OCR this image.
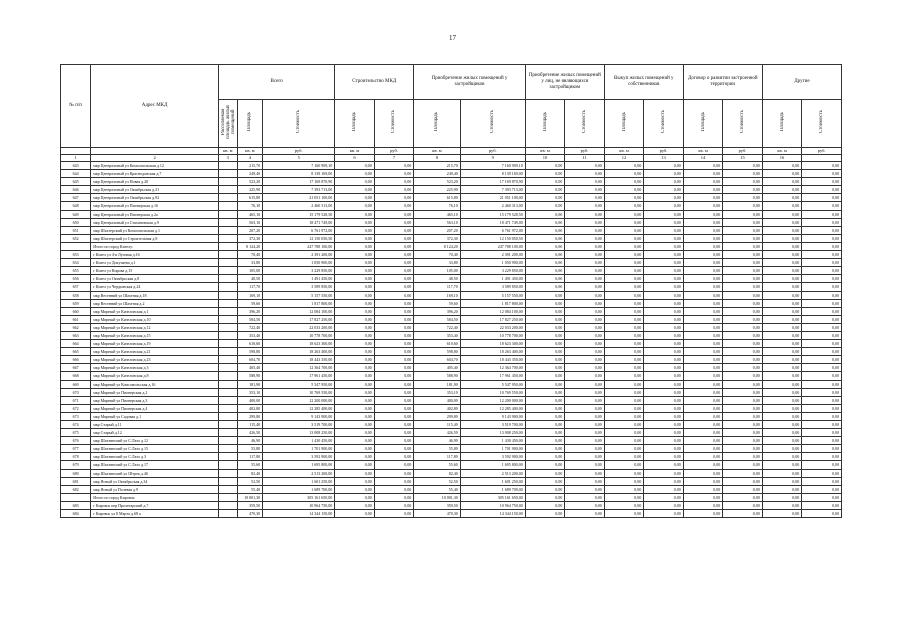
17
№ п/п	Адрес МКД	Всего			Строительство МКД		Приобретение жилых помещений у застройщиков		Приобретение жилых помещений у лиц, не являющихся застройщиком		Выкуп жилых помещений у собственников		Договор о развитии застроенной территории		Другие	
		Расселяемая площадь жилых помещений	Площадь	Стоимость	Площадь	Стоимость	Площадь	Стоимость	Площадь	Стоимость	Площадь	Стоимость	Площадь	Стоимость	Площадь	Стоимость
		кв. м	кв. м	руб.	кв. м	руб.	кв. м	руб.	кв. м	руб.	кв. м	руб.	кв. м	руб.	кв. м	руб.
1	2	3	4	5	6	7	8	9	10	11	12	13	14	15	16	
643	мкр Центральный ул Комсомольская д.12		215,70	7 160 909,10	0,00	0,00	215,70	7 160 909,10	0,00	0,00	0,00	0,00	0,00	0,00	0,00	0,00
644	мкр Центральный ул Краснодонская д.7		249,40	8 139 169,00	0,00	0,00	249,40	8 139 169,00	0,00	0,00	0,00	0,00	0,00	0,00	0,00	0,00
645	мкр Центральный ул Новая д.20		523,20	17 169 870,90	0,00	0,00	523,20	17 169 870,90	0,00	0,00	0,00	0,00	0,00	0,00	0,00	0,00
646	мкр Центральный ул Октябрьская д.31		225,90	7 393 713,00	0,00	0,00	225,90	7 393 713,00	0,00	0,00	0,00	0,00	0,00	0,00	0,00	0,00
647	мкр Центральный ул Октябрьская д.92		615,80	21 051 100,00	0,00	0,00	615,80	21 051 100,00	0,00	0,00	0,00	0,00	0,00	0,00	0,00	0,00
648	мкр Центральный ул Пионерская д.16		76,10	2 460 313,00	0,00	0,00	76,10	2 460 313,00	0,00	0,00	0,00	0,00	0,00	0,00	0,00	0,00
649	мкр Центральный ул Пионерская д.2а		465,10	15 179 528,50	0,00	0,00	465,10	15 179 528,50	0,00	0,00	0,00	0,00	0,00	0,00	0,00	0,00
650	мкр Центральный ул Стахановская д.9		563,10	18 471 749,00	0,00	0,00	563,10	18 471 749,00	0,00	0,00	0,00	0,00	0,00	0,00	0,00	0,00
651	мкр Шахтерский ул Комсомольская д.1		207,20	6 761 972,00	0,00	0,00	207,20	6 761 972,00	0,00	0,00	0,00	0,00	0,00	0,00	0,00	0,00
652	мкр Шахтерский ул Строительная д.8		372,30	12 150 050,50	0,00	0,00	372,30	12 150 050,50	0,00	0,00	0,00	0,00	0,00	0,00	0,00	0,00
	Итого по город Кизелу:		8 124,20	247 788 100,00	0,00	0,00	8 124,20	247 788 100,00	0,00	0,00	0,00	0,00	0,00	0,00	0,00	0,00
653	г Кизел ул 4-я Луговая д.16		70,40	2 391 200,00	0,00	0,00	70,40	2 391 200,00	0,00	0,00	0,00	0,00	0,00	0,00	0,00	0,00
654	г Кизел ул Докучаева д.1		33,80	1 050 900,00	0,00	0,00	33,80	1 050 900,00	0,00	0,00	0,00	0,00	0,00	0,00	0,00	0,00
655	г Кизел ул Кирова д.15		105,00	3 229 850,00	0,00	0,00	105,00	3 229 850,00	0,00	0,00	0,00	0,00	0,00	0,00	0,00	0,00
656	г Кизел ул Октябрьская д.8		48,50	1 491 450,00	0,00	0,00	48,50	1 491 450,00	0,00	0,00	0,00	0,00	0,00	0,00	0,00	0,00
657	г Кизел ул Чердынская д.24		117,70	3 589 850,00	0,00	0,00	117,70	3 589 850,00	0,00	0,00	0,00	0,00	0,00	0,00	0,00	0,00
658	мкр Весенний ул Шахтная д.18		169,10	5 157 550,00	0,00	0,00	169,10	5 157 550,00	0,00	0,00	0,00	0,00	0,00	0,00	0,00	0,00
659	мкр Весенний ул Шахтная д.2		59,60	1 817 800,00	0,00	0,00	59,60	1 817 800,00	0,00	0,00	0,00	0,00	0,00	0,00	0,00	0,00
660	мкр Мирный ул Кизеловская д.1		396,20	12 084 100,00	0,00	0,00	396,20	12 084 100,00	0,00	0,00	0,00	0,00	0,00	0,00	0,00	0,00
661	мкр Мирный ул Кизеловская д.10		584,50	17 827 250,00	0,00	0,00	584,50	17 827 250,00	0,00	0,00	0,00	0,00	0,00	0,00	0,00	0,00
662	мкр Мирный ул Кизеловская д.12		722,40	22 033 200,00	0,00	0,00	722,40	22 033 200,00	0,00	0,00	0,00	0,00	0,00	0,00	0,00	0,00
663	мкр Мирный ул Кизеловская д.15		353,40	10 778 700,00	0,00	0,00	353,40	10 778 700,00	0,00	0,00	0,00	0,00	0,00	0,00	0,00	0,00
664	мкр Мирный ул Кизеловская д.19		610,60	18 623 300,00	0,00	0,00	610,60	18 623 300,00	0,00	0,00	0,00	0,00	0,00	0,00	0,00	0,00
665	мкр Мирный ул Кизеловская д.21		598,80	18 263 400,00	0,00	0,00	598,80	18 263 400,00	0,00	0,00	0,00	0,00	0,00	0,00	0,00	0,00
666	мкр Мирный ул Кизеловская д.23		604,70	18 443 350,00	0,00	0,00	604,70	18 443 350,00	0,00	0,00	0,00	0,00	0,00	0,00	0,00	0,00
667	мкр Мирный ул Кизеловская д.3		405,40	12 364 700,00	0,00	0,00	405,40	12 364 700,00	0,00	0,00	0,00	0,00	0,00	0,00	0,00	0,00
668	мкр Мирный ул Кизеловская д.8		588,90	17 961 450,00	0,00	0,00	588,90	17 961 450,00	0,00	0,00	0,00	0,00	0,00	0,00	0,00	0,00
669	мкр Мирный ул Комсомольская д.16		181,90	5 547 950,00	0,00	0,00	181,90	5 547 950,00	0,00	0,00	0,00	0,00	0,00	0,00	0,00	0,00
670	мкр Мирный ул Пионерская д.2		353,10	10 769 550,00	0,00	0,00	353,10	10 769 550,00	0,00	0,00	0,00	0,00	0,00	0,00	0,00	0,00
671	мкр Мирный ул Пионерская д.3		400,00	12 200 000,00	0,00	0,00	400,00	12 200 000,00	0,00	0,00	0,00	0,00	0,00	0,00	0,00	0,00
672	мкр Мирный ул Пионерская д.4		402,80	12 285 400,00	0,00	0,00	402,80	12 285 400,00	0,00	0,00	0,00	0,00	0,00	0,00	0,00	0,00
673	мкр Мирный ул Садовая д.1		299,80	9 143 900,00	0,00	0,00	299,80	9 143 900,00	0,00	0,00	0,00	0,00	0,00	0,00	0,00	0,00
674	мкр Старый д.11		115,40	3 519 700,00	0,00	0,00	115,40	3 519 700,00	0,00	0,00	0,00	0,00	0,00	0,00	0,00	0,00
675	мкр Старый д.12		426,50	13 008 250,00	0,00	0,00	426,50	13 008 250,00	0,00	0,00	0,00	0,00	0,00	0,00	0,00	0,00
676	мкр Шахтинский ул С.Лазо д.12		46,90	1 430 450,00	0,00	0,00	46,90	1 430 450,00	0,00	0,00	0,00	0,00	0,00	0,00	0,00	0,00
677	мкр Шахтинский ул С.Лазо д.15		55,80	1 701 900,00	0,00	0,00	55,80	1 701 900,00	0,00	0,00	0,00	0,00	0,00	0,00	0,00	0,00
678	мкр Шахтинский ул С.Лазо д.3		117,80	3 592 900,00	0,00	0,00	117,80	3 592 900,00	0,00	0,00	0,00	0,00	0,00	0,00	0,00	0,00
679	мкр Шахтинский ул С.Лазо д.17		55,60	1 695 800,00	0,00	0,00	55,60	1 695 800,00	0,00	0,00	0,00	0,00	0,00	0,00	0,00	0,00
680	мкр Шахтинский ул Штрек д.46		82,40	2 513 200,00	0,00	0,00	82,40	2 513 200,00	0,00	0,00	0,00	0,00	0,00	0,00	0,00	0,00
681	мкр Ясный ул Октябрьская д.34		52,50	1 601 250,00	0,00	0,00	52,50	1 601 250,00	0,00	0,00	0,00	0,00	0,00	0,00	0,00	0,00
682	мкр Ясный ул Полевая д.9		55,40	1 689 700,00	0,00	0,00	55,40	1 689 700,00	0,00	0,00	0,00	0,00	0,00	0,00	0,00	0,00
	Итого по город Кировск:		10 001,30	305 161 650,00	0,00	0,00	10 001,30	305 161 650,00	0,00	0,00	0,00	0,00	0,00	0,00	0,00	0,00
683	г Кировск пер Пролетарский д.7		359,50	10 964 750,00	0,00	0,00	359,50	10 964 750,00	0,00	0,00	0,00	0,00	0,00	0,00	0,00	0,00
684	г Кировск ул 8 Марта д.68 а		470,30	14 344 150,00	0,00	0,00	470,30	14 344 150,00	0,00	0,00	0,00	0,00	0,00	0,00	0,00	0,00
